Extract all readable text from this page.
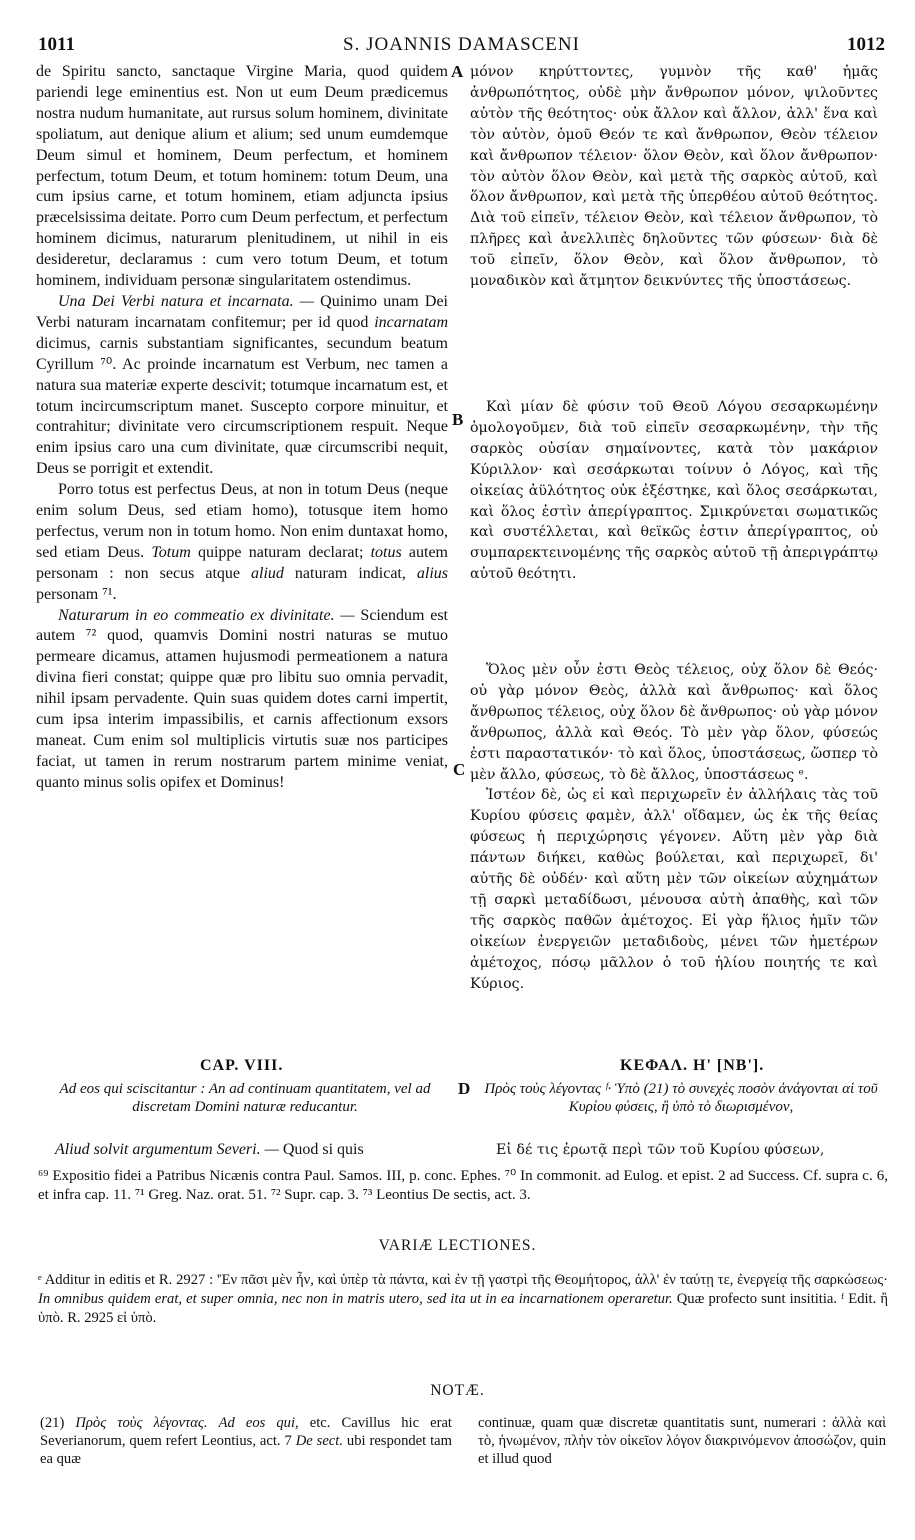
1011	S. JOANNIS DAMASCENI	1012
A
B
C
D

de Spiritu sancto, sanctaque Virgine Maria, quod quidem pariendi lege eminentius est. Non ut eum Deum prædicemus nostra nudum humanitate, aut rursus solum hominem, divinitate spoliatum, aut denique alium et alium; sed unum eumdemque Deum simul et hominem, Deum perfectum, et hominem perfectum, totum Deum, et totum hominem: totum Deum, una cum ipsius carne, et totum hominem, etiam adjuncta ipsius præcelsissima deitate. Porro cum Deum perfectum, et perfectum hominem dicimus, naturarum plenitudinem, ut nihil in eis desideretur, declaramus : cum vero totum Deum, et totum hominem, individuam personæ singularitatem ostendimus.

Una Dei Verbi natura et incarnata. — Quinimo unam Dei Verbi naturam incarnatam confitemur; per id quod incarnatam dicimus, carnis substantiam significantes, secundum beatum Cyrillum ⁷⁰. Ac proinde incarnatum est Verbum, nec tamen a natura sua materiæ experte descivit; totumque incarnatum est, et totum incircumscriptum manet. Suscepto corpore minuitur, et contrahitur; divinitate vero circumscriptionem respuit. Neque enim ipsius caro una cum divinitate, quæ circumscribi nequit, Deus se porrigit et extendit.

Porro totus est perfectus Deus, at non in totum Deus (neque enim solum Deus, sed etiam homo), totusque item homo perfectus, verum non in totum homo. Non enim duntaxat homo, sed etiam Deus. Totum quippe naturam declarat; totus autem personam : non secus atque aliud naturam indicat, alius personam ⁷¹.

Naturarum in eo commeatio ex divinitate. — Sciendum est autem ⁷² quod, quamvis Domini nostri naturas se mutuo permeare dicamus, attamen hujusmodi permeationem a natura divina fieri constat; quippe quæ pro libitu suo omnia pervadit, nihil ipsam pervadente. Quin suas quidem dotes carni impertit, cum ipsa interim impassibilis, et carnis affectionum exsors maneat. Cum enim sol multiplicis virtutis suæ nos participes faciat, ut tamen in rerum nostrarum partem minime veniat, quanto minus solis opifex et Dominus!

μόνον κηρύττοντες, γυμνὸν τῆς καθ' ἡμᾶς ἀνθρωπότητος, οὐδὲ μὴν ἄνθρωπον μόνον, ψιλοῦντες αὐτὸν τῆς θεότητος· οὐκ ἄλλον καὶ ἄλλον, ἀλλ' ἕνα καὶ τὸν αὐτὸν, ὁμοῦ Θεόν τε καὶ ἄνθρωπον, Θεὸν τέλειον καὶ ἄνθρωπον τέλειον· ὅλον Θεὸν, καὶ ὅλον ἄνθρωπον· τὸν αὐτὸν ὅλον Θεὸν, καὶ μετὰ τῆς σαρκὸς αὐτοῦ, καὶ ὅλον ἄνθρωπον, καὶ μετὰ τῆς ὑπερθέου αὐτοῦ θεότητος. Διὰ τοῦ εἰπεῖν, τέλειον Θεὸν, καὶ τέλειον ἄνθρωπον, τὸ πλῆρες καὶ ἀνελλιπὲς δηλοῦντες τῶν φύσεων· διὰ δὲ τοῦ εἰπεῖν, ὅλον Θεὸν, καὶ ὅλον ἄνθρωπον, τὸ μοναδικὸν καὶ ἄτμητον δεικνύντες τῆς ὑποστάσεως.

Καὶ μίαν δὲ φύσιν τοῦ Θεοῦ Λόγου σεσαρκωμένην ὁμολογοῦμεν, διὰ τοῦ εἰπεῖν σεσαρκωμένην, τὴν τῆς σαρκὸς οὐσίαν σημαίνοντες, κατὰ τὸν μακάριον Κύριλλον· καὶ σεσάρκωται τοίνυν ὁ Λόγος, καὶ τῆς οἰκείας ἀϋλότητος οὐκ ἐξέστηκε, καὶ ὅλος σεσάρκωται, καὶ ὅλος ἐστὶν ἀπερίγραπτος. Σμικρύνεται σωματικῶς καὶ συστέλλεται, καὶ θεϊκῶς ἐστιν ἀπερίγραπτος, οὐ συμπαρεκτεινομένης τῆς σαρκὸς αὐτοῦ τῇ ἀπεριγράπτῳ αὐτοῦ θεότητι.

Ὅλος μὲν οὖν ἐστι Θεὸς τέλειος, οὐχ ὅλον δὲ Θεός· οὐ γὰρ μόνον Θεὸς, ἀλλὰ καὶ ἄνθρωπος· καὶ ὅλος ἄνθρωπος τέλειος, οὐχ ὅλον δὲ ἄνθρωπος· οὐ γὰρ μόνον ἄνθρωπος, ἀλλὰ καὶ Θεός. Τὸ μὲν γὰρ ὅλον, φύσεώς ἐστι παραστατικόν· τὸ καὶ ὅλος, ὑποστάσεως, ὥσπερ τὸ μὲν ἄλλο, φύσεως, τὸ δὲ ἄλλος, ὑποστάσεως ᵉ.

Ἰστέον δὲ, ὡς εἰ καὶ περιχωρεῖν ἐν ἀλλήλαις τὰς τοῦ Κυρίου φύσεις φαμὲν, ἀλλ' οἴδαμεν, ὡς ἐκ τῆς θείας φύσεως ἡ περιχώρησις γέγονεν. Αὕτη μὲν γὰρ διὰ πάντων διήκει, καθὼς βούλεται, καὶ περιχωρεῖ, δι' αὐτῆς δὲ οὐδέν· καὶ αὕτη μὲν τῶν οἰκείων αὐχημάτων τῇ σαρκὶ μεταδίδωσι, μένουσα αὐτὴ ἀπαθὴς, καὶ τῶν τῆς σαρκὸς παθῶν ἀμέτοχος. Εἰ γὰρ ἥλιος ἡμῖν τῶν οἰκείων ἐνεργειῶν μεταδιδοὺς, μένει τῶν ἡμετέρων ἀμέτοχος, πόσῳ μᾶλλον ὁ τοῦ ἡλίου ποιητής τε καὶ Κύριος.

CAP. VIII.	ΚΕΦΑΛ. Η' [ΝΒ'].
Ad eos qui sciscitantur : An ad continuam quantitatem, vel ad discretam Domini naturæ reducantur.
Πρὸς τοὺς λέγοντας ᶠ· Ὑπὸ (21) τὸ συνεχὲς ποσὸν ἀνάγονται αἱ τοῦ Κυρίου φύσεις, ἢ ὑπὸ τὸ διωρισμένον,
Aliud solvit argumentum Severi. — Quod si quis	Εἰ δέ τις ἐρωτᾷ περὶ τῶν τοῦ Κυρίου φύσεων,
⁶⁹ Expositio fidei a Patribus Nicænis contra Paul. Samos. III, p. conc. Ephes. ⁷⁰ In commonit. ad Eulog. et epist. 2 ad Success. Cf. supra c. 6, et infra cap. 11. ⁷¹ Greg. Naz. orat. 51. ⁷² Supr. cap. 3. ⁷³ Leontius De sectis, act. 3.
VARIÆ LECTIONES.
ᵉ Additur in editis et R. 2927 : 'Ἐν πᾶσι μὲν ἦν, καὶ ὑπὲρ τὰ πάντα, καὶ ἐν τῇ γαστρὶ τῆς Θεομήτορος, ἀλλ' ἐν ταύτῃ τε, ἐνεργείᾳ τῆς σαρκώσεως· In omnibus quidem erat, et super omnia, nec non in matris utero, sed ita ut in ea incarnationem operaretur. Quæ profecto sunt insititia. ᶠ Edit. ἢ ὑπὸ. R. 2925 εἰ ὑπὸ.
NOTÆ.
(21) Πρὸς τοὺς λέγοντας. Ad eos qui, etc. Cavillus hic erat Severianorum, quem refert Leontius, act. 7 De sect. ubi respondet tam ea quæ
continuæ, quam quæ discretæ quantitatis sunt, numerari : ἀλλὰ καὶ τὸ, ἡνωμένον, πλὴν τὸν οἰκεῖον λόγον διακρινόμενον ἀποσώζον, quin et illud quod
